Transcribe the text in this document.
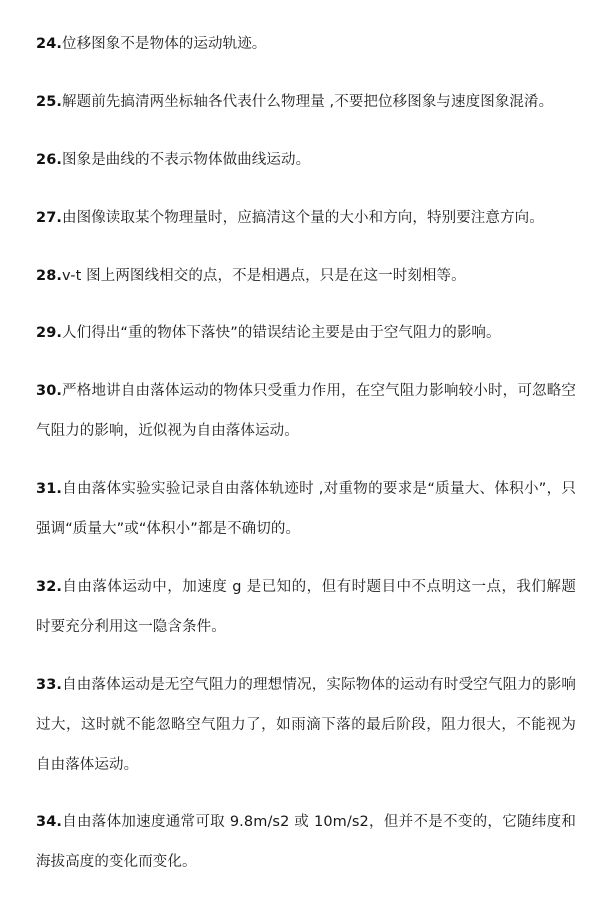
24.位移图象不是物体的运动轨迹。

25.解题前先搞清两坐标轴各代表什么物理量 ,不要把位移图象与速度图象混淆。

26.图象是曲线的不表示物体做曲线运动。

27.由图像读取某个物理量时，应搞清这个量的大小和方向，特别要注意方向。

28.v-t 图上两图线相交的点，不是相遇点，只是在这一时刻相等。

29.人们得出“重的物体下落快”的错误结论主要是由于空气阻力的影响。

30.严格地讲自由落体运动的物体只受重力作用，在空气阻力影响较小时，可忽略空气阻力的影响，近似视为自由落体运动。

31.自由落体实验实验记录自由落体轨迹时 ,对重物的要求是“质量大、体积小”，只强调“质量大”或“体积小”都是不确切的。

32.自由落体运动中，加速度 g 是已知的，但有时题目中不点明这一点，我们解题时要充分利用这一隐含条件。

33.自由落体运动是无空气阻力的理想情况，实际物体的运动有时受空气阻力的影响过大，这时就不能忽略空气阻力了，如雨滴下落的最后阶段，阻力很大，不能视为自由落体运动。

34.自由落体加速度通常可取 9.8m/s2 或 10m/s2，但并不是不变的，它随纬度和海拔高度的变化而变化。
